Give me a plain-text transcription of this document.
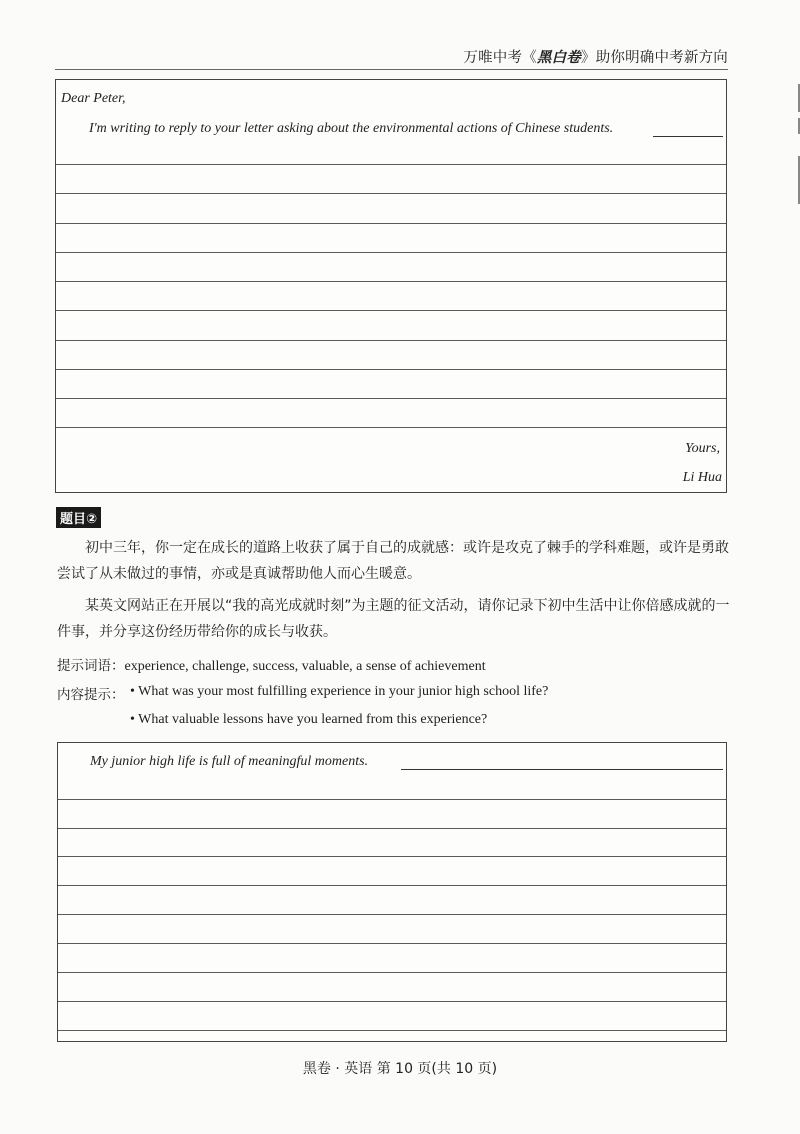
万唯中考《黑白卷》助你明确中考新方向
Dear Peter,
I'm writing to reply to your letter asking about the environmental actions of Chinese students.
Yours,
Li Hua
题目②
初中三年，你一定在成长的道路上收获了属于自己的成就感：或许是攻克了棘手的学科难题，或许是勇敢尝试了从未做过的事情，亦或是真诚帮助他人而心生暖意。
某英文网站正在开展以“我的高光成就时刻”为主题的征文活动，请你记录下初中生活中让你倍感成就的一件事，并分享这份经历带给你的成长与收获。
提示词语：experience, challenge, success, valuable, a sense of achievement
内容提示： • What was your most fulfilling experience in your junior high school life?
• What valuable lessons have you learned from this experience?
My junior high life is full of meaningful moments.
黑卷 · 英语 第 10 页(共 10 页)
